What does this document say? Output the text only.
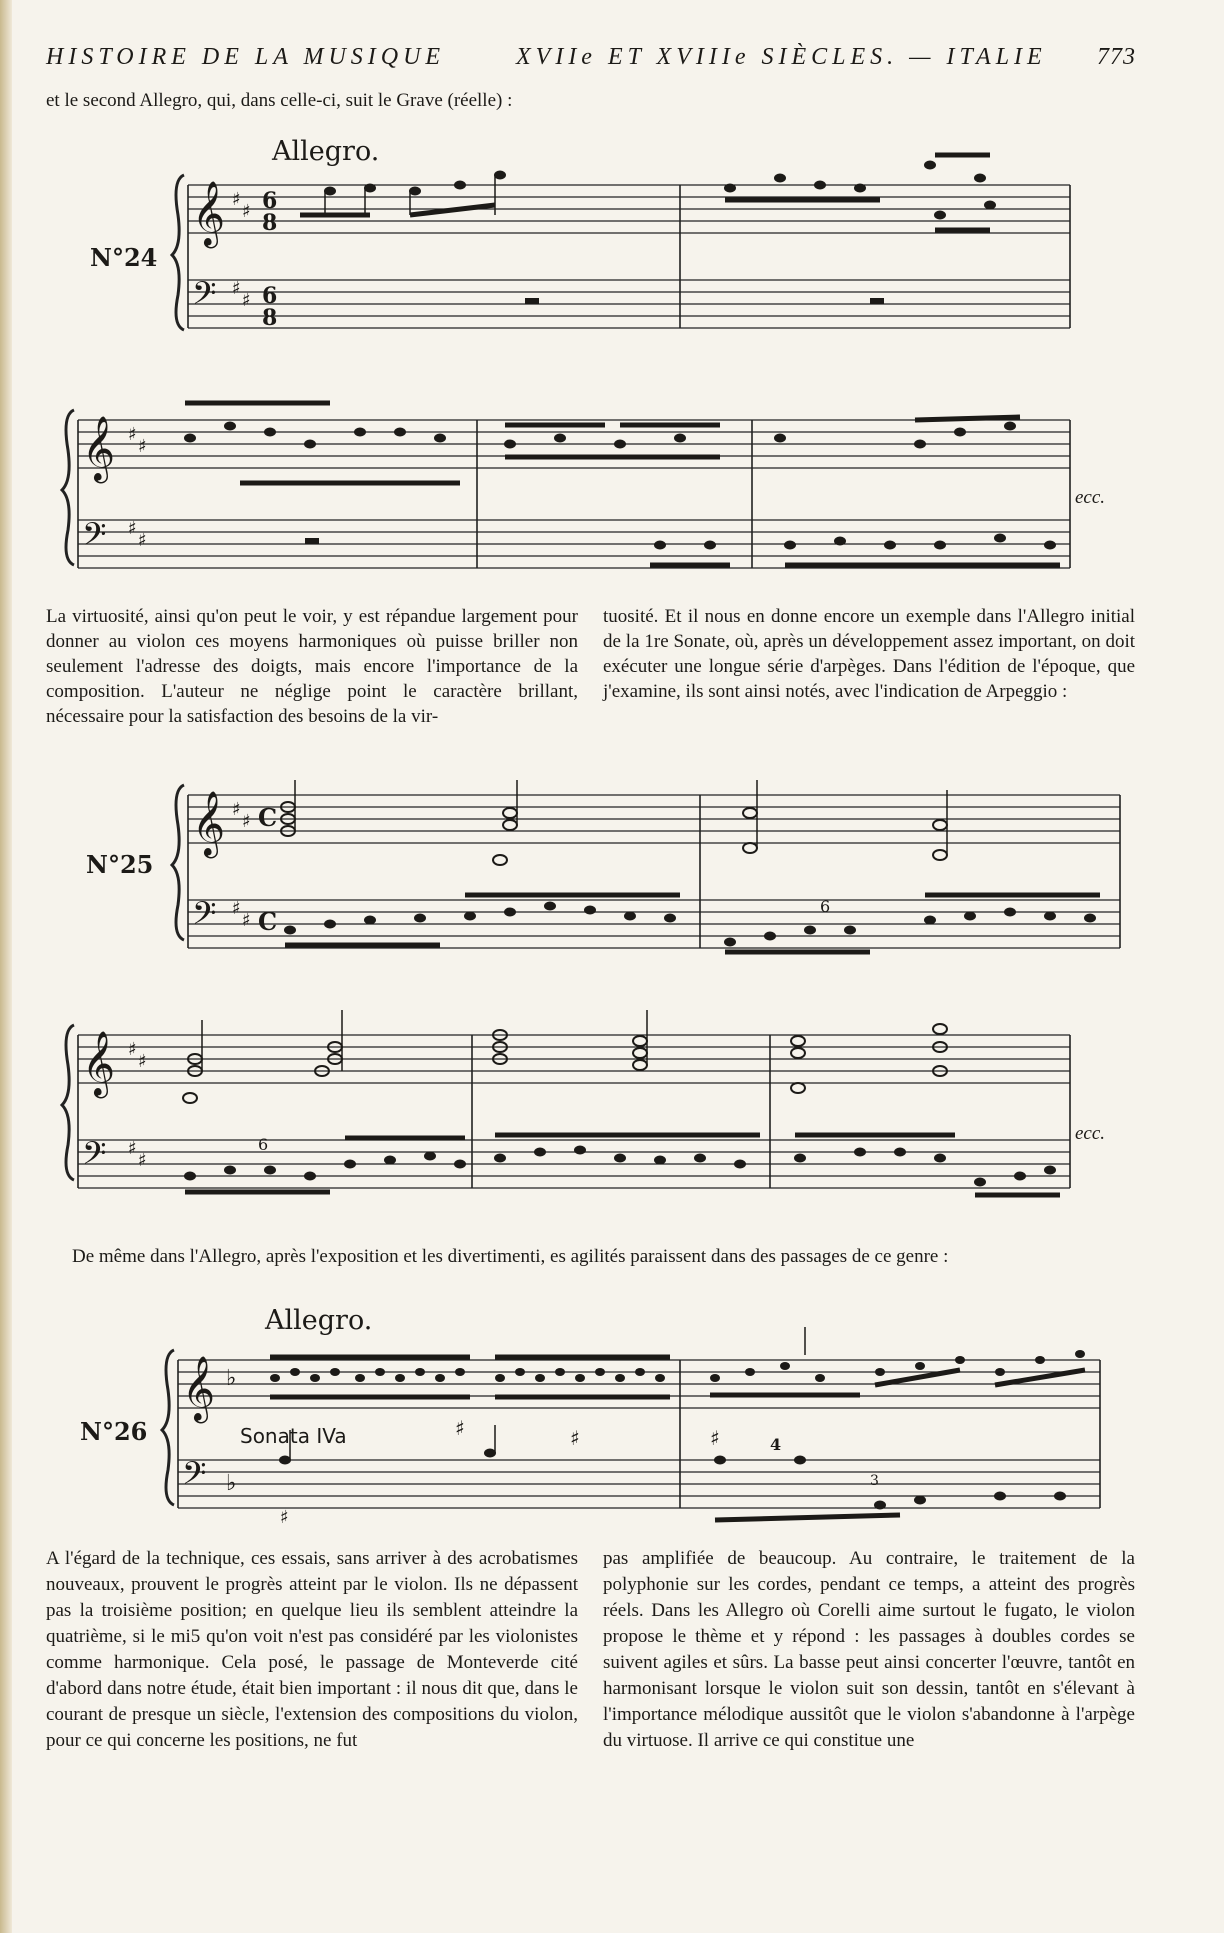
HISTOIRE DE LA MUSIQUE	XVIIe ET XVIIIe SIÈCLES. — ITALIE 773
et le second Allegro, qui, dans celle-ci, suit le Grave (réelle) :
Allegro.
N°24
𝄞
𝄢
♯
♯
♯
♯
6
8
6
8
𝄞
𝄢
♯
♯
♯
♯
ecc.
La virtuosité, ainsi qu'on peut le voir, y est répandue largement pour donner au violon ces moyens harmoniques où puisse briller non seulement l'adresse des doigts, mais encore l'importance de la composition. L'auteur ne néglige point le caractère brillant, nécessaire pour la satisfaction des besoins de la vir-
tuosité. Et il nous en donne encore un exemple dans l'Allegro initial de la 1re Sonate, où, après un développement assez important, on doit exécuter une longue série d'arpèges. Dans l'édition de l'époque, que j'examine, ils sont ainsi notés, avec l'indication de Arpeggio :
N°25
𝄞
𝄢
♯
♯
♯
♯
C
C
6
𝄞
𝄢
♯
♯
♯
♯
6
ecc.
De même dans l'Allegro, après l'exposition et les divertimenti, es agilités paraissent dans des passages de ce genre :
Allegro.
N°26	Sonata IVa
𝄞
𝄢
♭
♭
♯	♯	♯	4
3
♯
A l'égard de la technique, ces essais, sans arriver à des acrobatismes nouveaux, prouvent le progrès atteint par le violon. Ils ne dépassent pas la troisième position; en quelque lieu ils semblent atteindre la quatrième, si le mi5 qu'on voit n'est pas considéré par les violonistes comme harmonique. Cela posé, le passage de Monteverde cité d'abord dans notre étude, était bien important : il nous dit que, dans le courant de presque un siècle, l'extension des compositions du violon, pour ce qui concerne les positions, ne fut
pas amplifiée de beaucoup. Au contraire, le traitement de la polyphonie sur les cordes, pendant ce temps, a atteint des progrès réels. Dans les Allegro où Corelli aime surtout le fugato, le violon propose le thème et y répond : les passages à doubles cordes se suivent agiles et sûrs. La basse peut ainsi concerter l'œuvre, tantôt en harmonisant lorsque le violon suit son dessin, tantôt en s'élevant à l'importance mélodique aussitôt que le violon s'abandonne à l'arpège du virtuose. Il arrive ce qui constitue une
